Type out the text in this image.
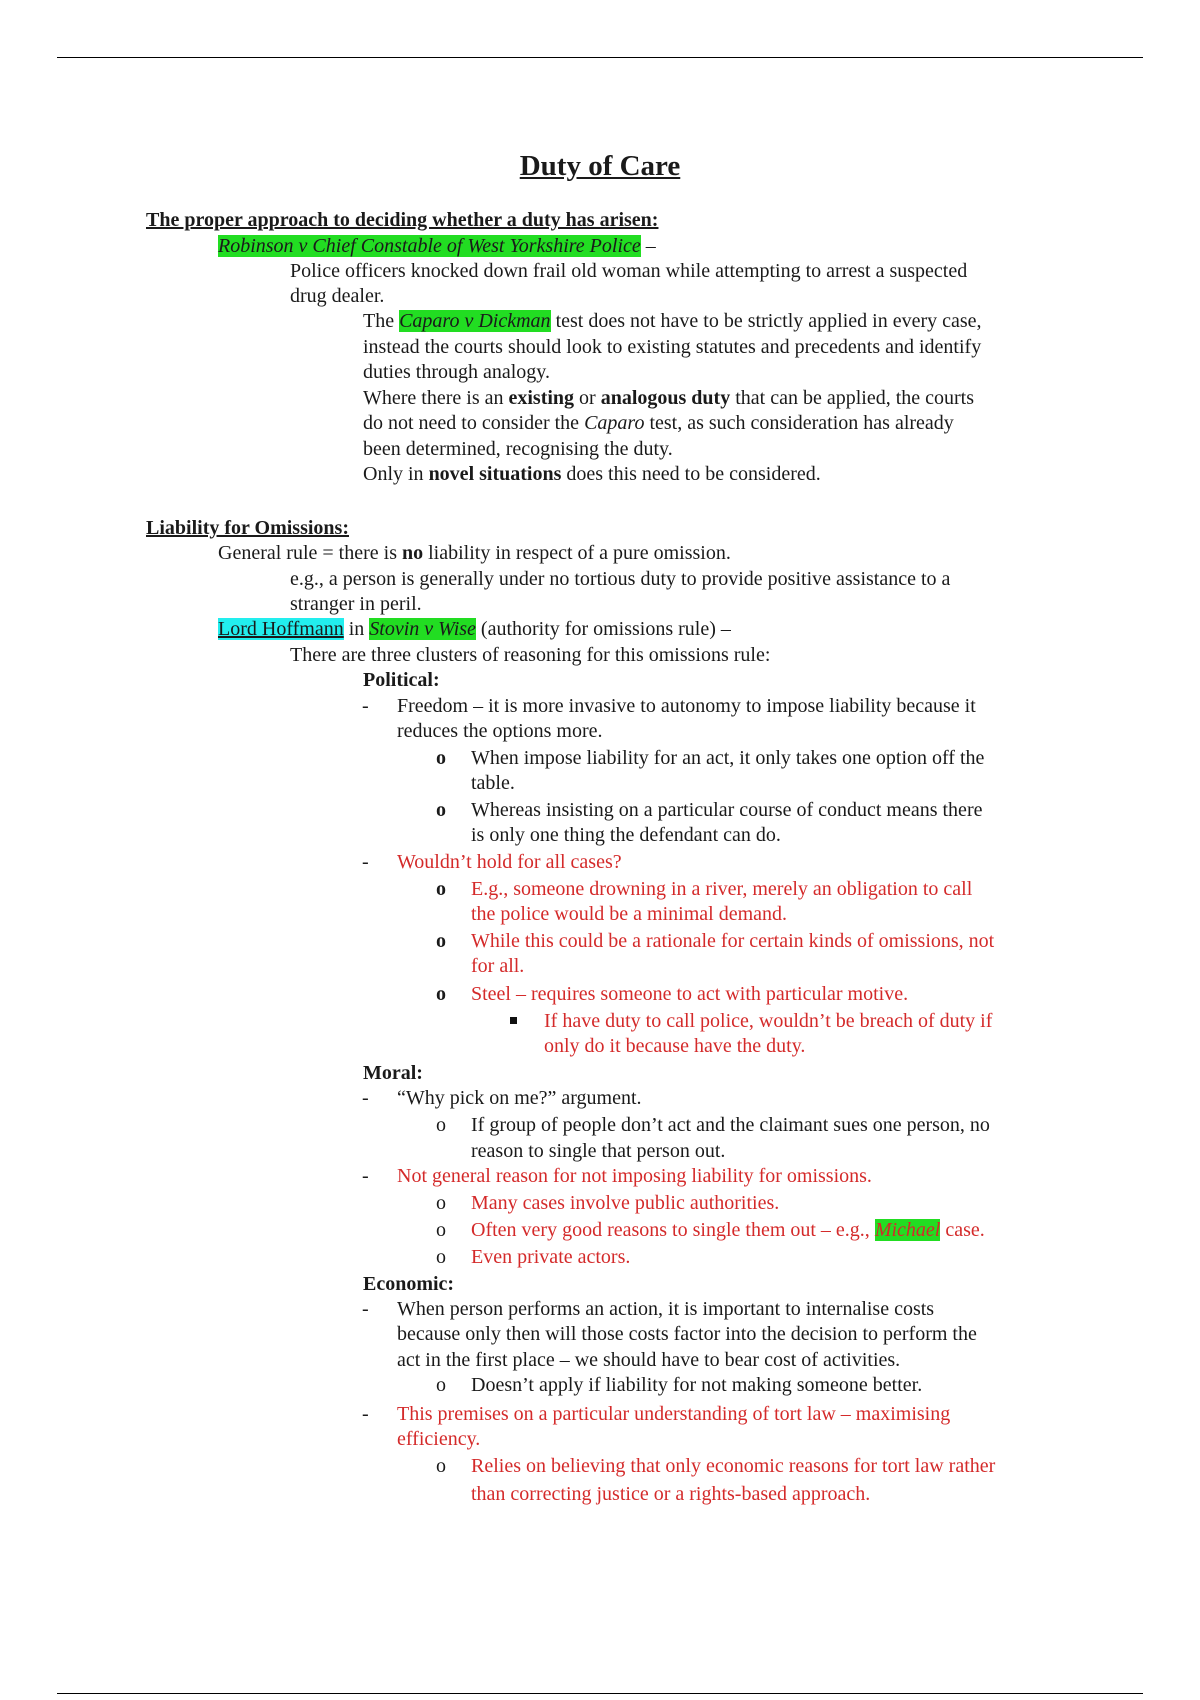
Duty of Care
The proper approach to deciding whether a duty has arisen:
Robinson v Chief Constable of West Yorkshire Police –
Police officers knocked down frail old woman while attempting to arrest a suspected
drug dealer.
The Caparo v Dickman test does not have to be strictly applied in every case,
instead the courts should look to existing statutes and precedents and identify
duties through analogy.
Where there is an existing or analogous duty that can be applied, the courts
do not need to consider the Caparo test, as such consideration has already
been determined, recognising the duty.
Only in novel situations does this need to be considered.
Liability for Omissions:
General rule = there is no liability in respect of a pure omission.
e.g., a person is generally under no tortious duty to provide positive assistance to a
stranger in peril.
Lord Hoffmann in Stovin v Wise (authority for omissions rule) –
There are three clusters of reasoning for this omissions rule:
Political:
- Freedom – it is more invasive to autonomy to impose liability because it
reduces the options more.
o When impose liability for an act, it only takes one option off the
table.
o Whereas insisting on a particular course of conduct means there
is only one thing the defendant can do.
- Wouldn’t hold for all cases?
o E.g., someone drowning in a river, merely an obligation to call
the police would be a minimal demand.
o While this could be a rationale for certain kinds of omissions, not
for all.
o Steel – requires someone to act with particular motive.
If have duty to call police, wouldn’t be breach of duty if
only do it because have the duty.
Moral:
- “Why pick on me?” argument.
o If group of people don’t act and the claimant sues one person, no
reason to single that person out.
- Not general reason for not imposing liability for omissions.
o Many cases involve public authorities.
o Often very good reasons to single them out – e.g., Michael case.
o Even private actors.
Economic:
- When person performs an action, it is important to internalise costs
because only then will those costs factor into the decision to perform the
act in the first place – we should have to bear cost of activities.
o Doesn’t apply if liability for not making someone better.
- This premises on a particular understanding of tort law – maximising
efficiency.
o Relies on believing that only economic reasons for tort law rather
than correcting justice or a rights-based approach.
